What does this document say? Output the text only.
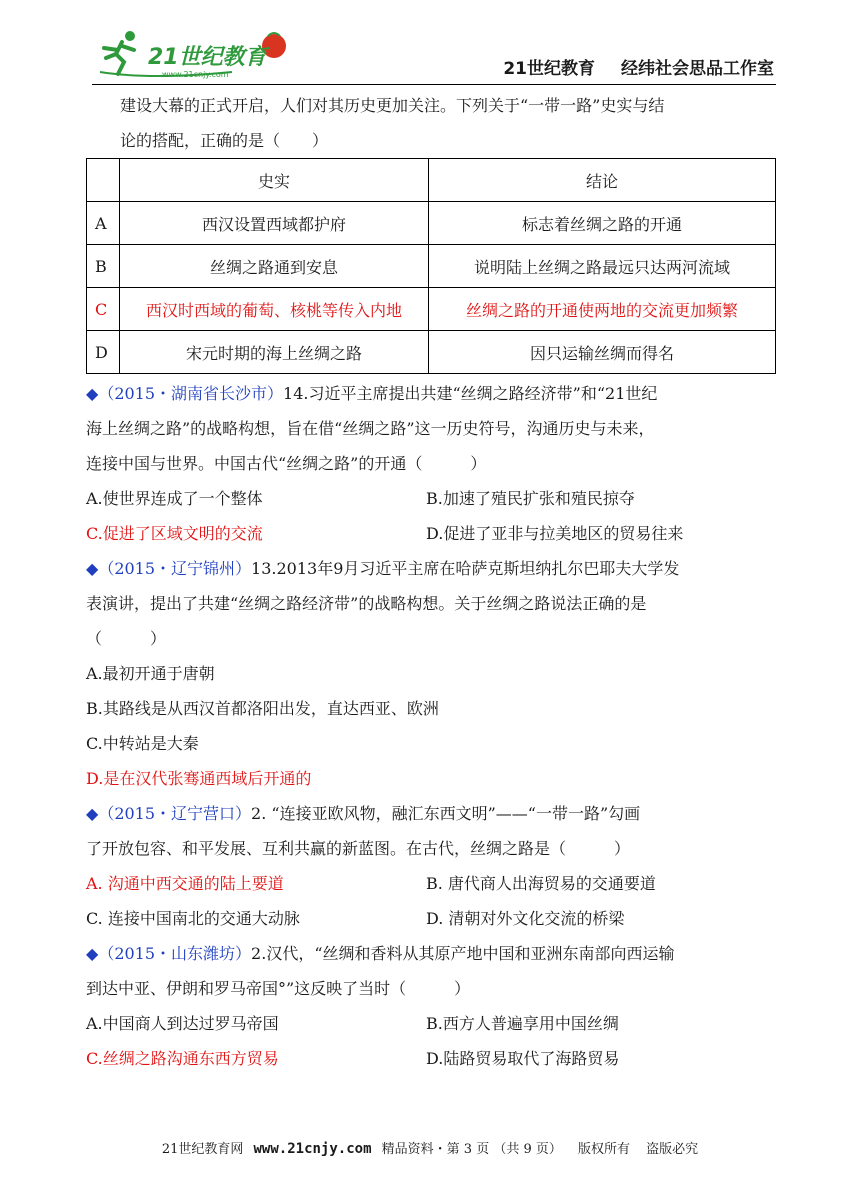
21世纪教育
www.21cnjy.com	21世纪教育 经纬社会思品工作室

建设大幕的正式开启，人们对其历史更加关注。下列关于“一带一路”史实与结

论的搭配，正确的是（　　）

	史实	结论
A	西汉设置西域都护府	标志着丝绸之路的开通
B	丝绸之路通到安息	说明陆上丝绸之路最远只达两河流域
C	西汉时西域的葡萄、核桃等传入内地	丝绸之路的开通使两地的交流更加频繁
D	宋元时期的海上丝绸之路	因只运输丝绸而得名

◆（2015・湖南省长沙市）14.习近平主席提出共建“丝绸之路经济带”和“21世纪

海上丝绸之路”的战略构想，旨在借“丝绸之路”这一历史符号，沟通历史与未来，

连接中国与世界。中国古代“丝绸之路”的开通（　　　）

A.使世界连成了一个整体	B.加速了殖民扩张和殖民掠夺
C.促进了区域文明的交流	D.促进了亚非与拉美地区的贸易往来

◆（2015・辽宁锦州）13.2013年9月习近平主席在哈萨克斯坦纳扎尔巴耶夫大学发

表演讲，提出了共建“丝绸之路经济带”的战略构想。关于丝绸之路说法正确的是

（　　　）

A.最初开通于唐朝

B.其路线是从西汉首都洛阳出发，直达西亚、欧洲

C.中转站是大秦

D.是在汉代张骞通西域后开通的

◆（2015・辽宁营口）2. “连接亚欧风物，融汇东西文明”——“一带一路”勾画

了开放包容、和平发展、互利共赢的新蓝图。在古代，丝绸之路是（　　　）

A. 沟通中西交通的陆上要道	B. 唐代商人出海贸易的交通要道
C. 连接中国南北的交通大动脉	D. 清朝对外文化交流的桥梁

◆（2015・山东潍坊）2.汉代，“丝绸和香料从其原产地中国和亚洲东南部向西运输

到达中亚、伊朗和罗马帝国°”这反映了当时（　　　）

A.中国商人到达过罗马帝国	B.西方人普遍享用中国丝绸
C.丝绸之路沟通东西方贸易	D.陆路贸易取代了海路贸易
21世纪教育网 www.21cnjy.com 精品资料・第 3 页 （共 9 页） 版权所有 盗版必究
